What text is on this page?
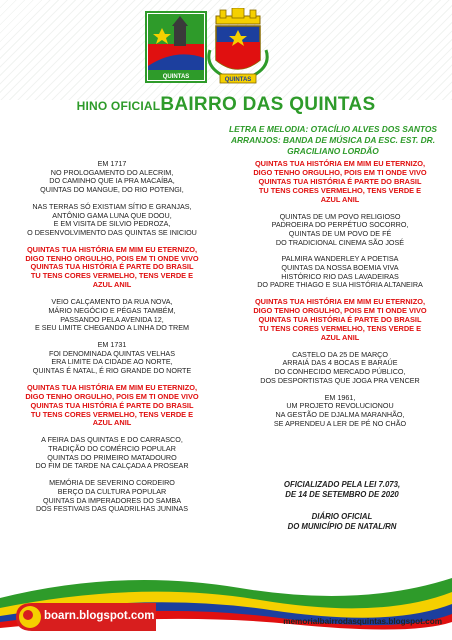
QUINTAS	QUINTAS
HINO OFICIALBAIRRO DAS QUINTAS
LETRA E MELODIA: OTACÍLIO ALVES DOS SANTOS
ARRANJOS: BANDA DE MÚSICA DA ESC. EST. DR. GRACILIANO LORDÃO
EM 1717
NO PROLOGAMENTO DO ALECRIM,
DO CAMINHO QUE IA PRA MACAÍBA,
QUINTAS DO MANGUE, DO RIO POTENGI,
NAS TERRAS SÓ EXISTIAM SÍTIO E GRANJAS,
ANTÔNIO GAMA LUNA QUE DOOU,
E EM VISITA DE SILVIO PEDROZA,
O DESENVOLVIMENTO DAS QUINTAS SE INICIOU
QUINTAS TUA HISTÓRIA EM MIM EU ETERNIZO,
DIGO TENHO ORGULHO, POIS EM TI ONDE VIVO
QUINTAS TUA HISTÓRIA É PARTE DO BRASIL
TU TENS CORES VERMELHO, TENS VERDE E
AZUL ANIL
VEIO CALÇAMENTO DA RUA NOVA,
MÁRIO NEGÓCIO E PÉGAS TAMBÉM,
PASSANDO PELA AVENIDA 12,
E SEU LIMITE CHEGANDO A LINHA DO TREM
EM 1731
FOI DENOMINADA QUINTAS VELHAS
ERA LIMITE DA CIDADE AO NORTE,
QUINTAS É NATAL, É RIO GRANDE DO NORTE
QUINTAS TUA HISTÓRIA EM MIM EU ETERNIZO,
DIGO TENHO ORGULHO, POIS EM TI ONDE VIVO
QUINTAS TUA HISTÓRIA É PARTE DO BRASIL
TU TENS CORES VERMELHO, TENS VERDE E
AZUL ANIL
A FEIRA DAS QUINTAS E DO CARRASCO,
TRADIÇÃO DO COMÉRCIO POPULAR
QUINTAS DO PRIMEIRO MATADOURO
DO FIM DE TARDE NA CALÇADA A PROSEAR
MEMÓRIA DE SEVERINO CORDEIRO
BERÇO DA CULTURA POPULAR
QUINTAS DA IMPERADORES DO SAMBA
DOS FESTIVAIS DAS QUADRILHAS JUNINAS
QUINTAS TUA HISTÓRIA EM MIM EU ETERNIZO,
DIGO TENHO ORGULHO, POIS EM TI ONDE VIVO
QUINTAS TUA HISTÓRIA É PARTE DO BRASIL
TU TENS CORES VERMELHO, TENS VERDE E
AZUL ANIL
QUINTAS DE UM POVO RELIGIOSO
PADROEIRA DO PERPÉTUO SOCORRO,
QUINTAS DE UM POVO DE FÉ
DO TRADICIONAL CINEMA SÃO JOSÉ
PALMIRA WANDERLEY A POETISA
QUINTAS DA NOSSA BOEMIA VIVA
HISTÓRICO RIO DAS LAVADEIRAS
DO PADRE THIAGO E SUA HISTÓRIA ALTANEIRA
QUINTAS TUA HISTÓRIA EM MIM EU ETERNIZO,
DIGO TENHO ORGULHO, POIS EM TI ONDE VIVO
QUINTAS TUA HISTÓRIA É PARTE DO BRASIL
TU TENS CORES VERMELHO, TENS VERDE E
AZUL ANIL
CASTELO DA 25 DE MARÇO
ARRAIÁ DAS 4 BOCAS E BARAÚE
DO CONHECIDO MERCADO PÚBLICO,
DOS DESPORTISTAS QUE JOGA PRA VENCER
EM 1961,
UM PROJETO REVOLUCIONOU
NA GESTÃO DE DJALMA MARANHÃO,
SE APRENDEU A LER DE PÉ NO CHÃO
OFICIALIZADO PELA LEI 7.073,
DE 14 DE SETEMBRO DE 2020
DIÁRIO OFICIAL
DO MUNICÍPIO DE NATAL/RN
boarn.blogspot.com	memorialbairrodasquintas.blogspot.com
